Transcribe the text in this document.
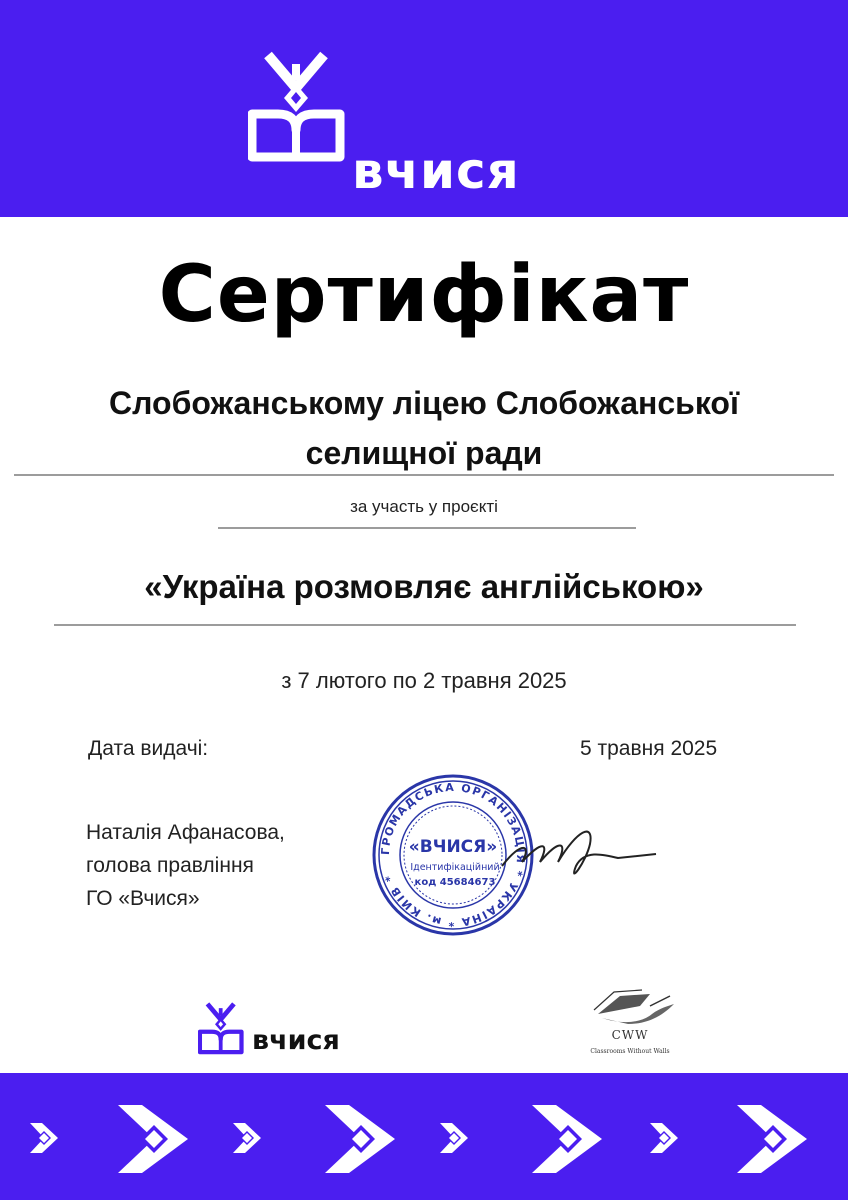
вчися
Сертифікат
Слобожанському ліцею Слобожанської
селищної ради
за участь у проєкті
«Україна розмовляє англійською»
з 7 лютого по 2 травня 2025
Дата видачі:	5 травня 2025
Наталія Афанасова,
голова правління
ГО «Вчися»
ГРОМАДСЬКА ОРГАНІЗАЦІЯ * УКРАЇНА * м. КИЇВ *
«ВЧИСЯ»
Ідентифікаційний
код 45684673
вчися	CWW
Classrooms Without Walls
